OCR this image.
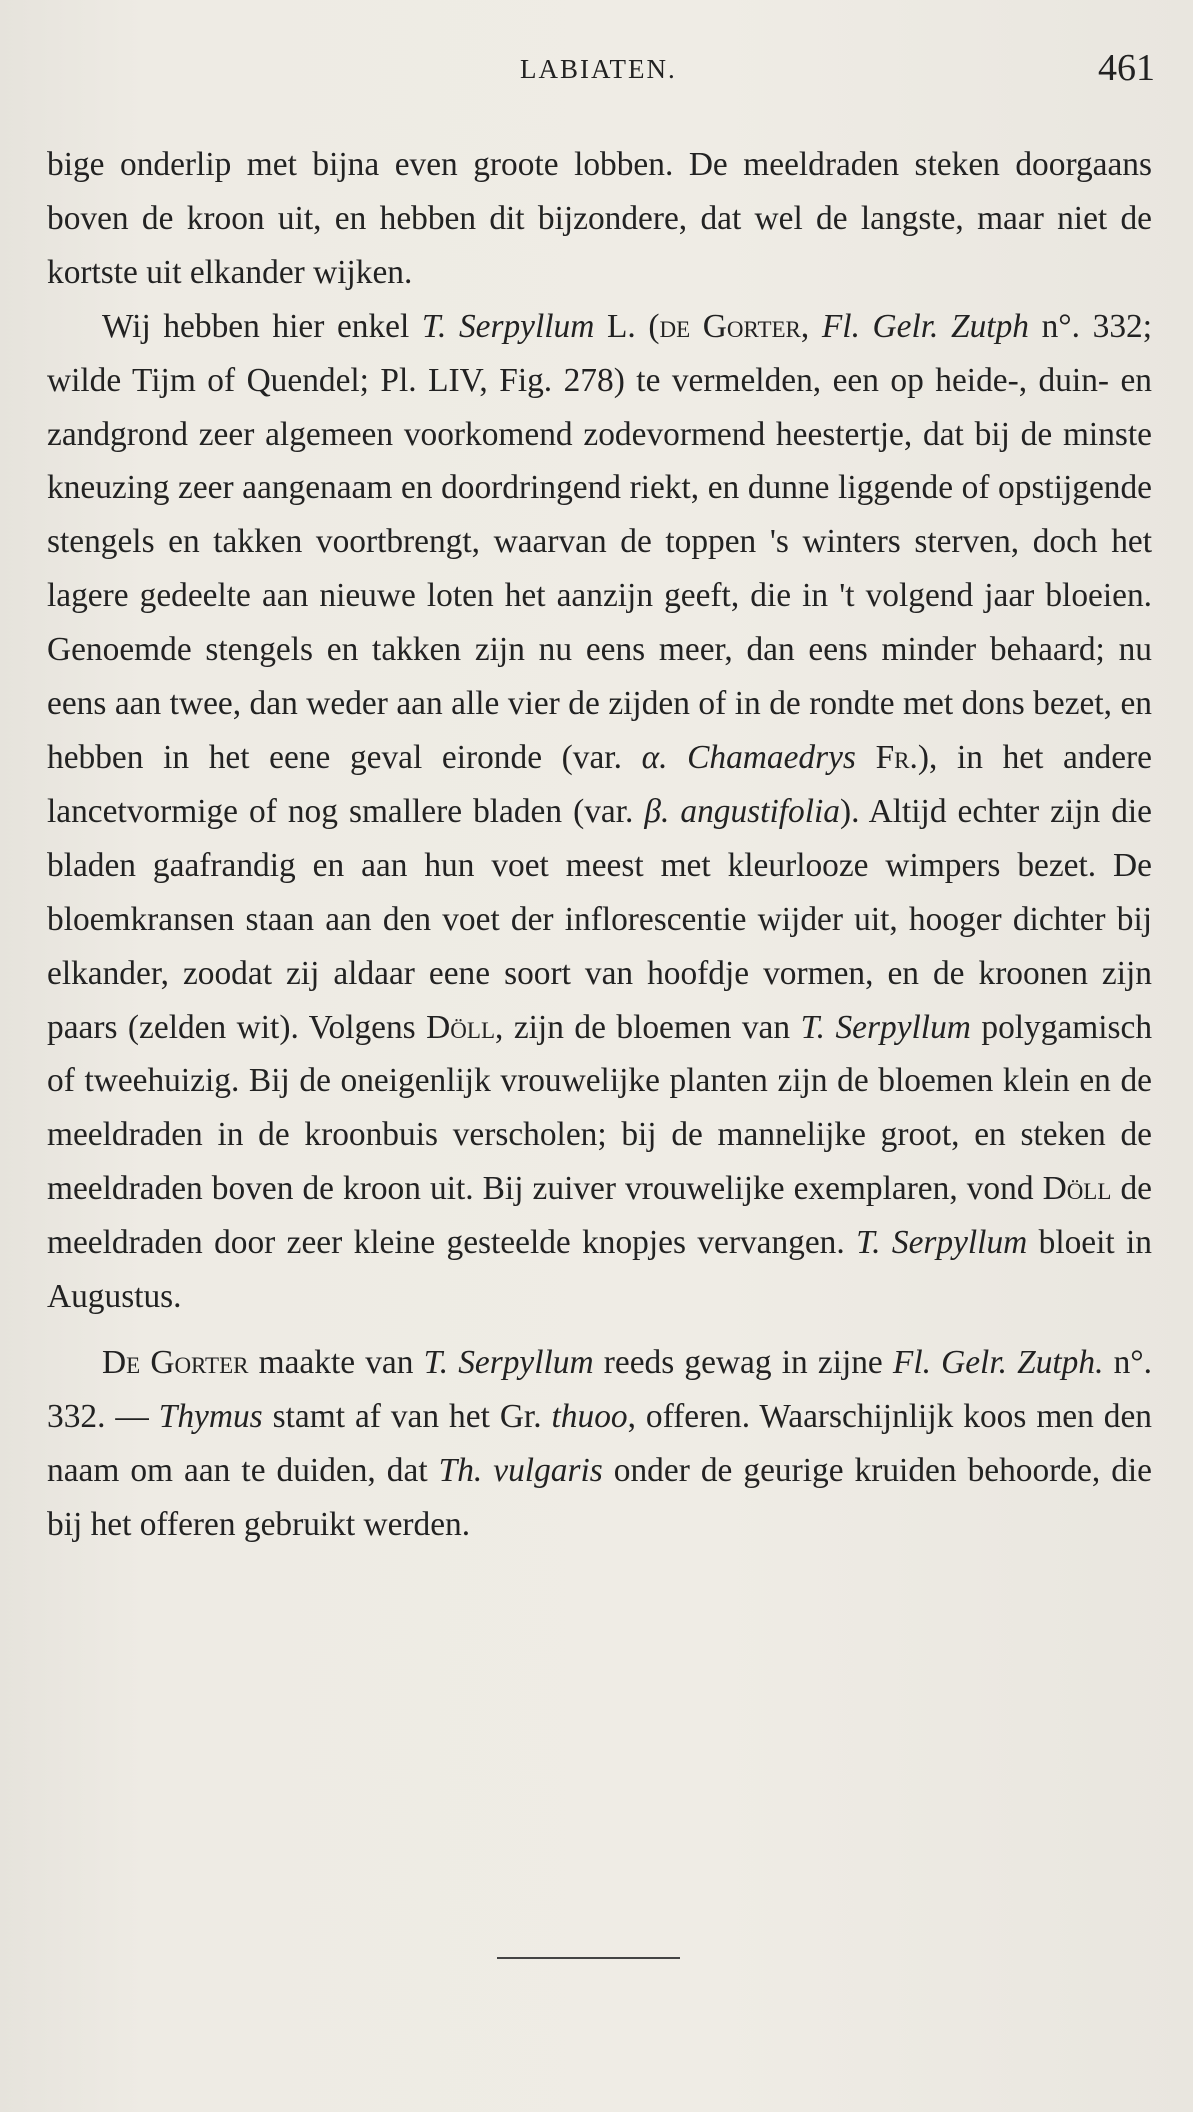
LABIATEN.	461

bige onderlip met bijna even groote lobben. De meeldraden steken doorgaans boven de kroon uit, en hebben dit bijzondere, dat wel de langste, maar niet de kortste uit elkander wijken.

Wij hebben hier enkel T. Serpyllum L. (de Gorter, Fl. Gelr. Zutph n°. 332; wilde Tijm of Quendel; Pl. LIV, Fig. 278) te vermelden, een op heide-, duin- en zandgrond zeer algemeen voorkomend zodevormend heestertje, dat bij de minste kneuzing zeer aangenaam en doordringend riekt, en dunne liggende of opstijgende stengels en takken voortbrengt, waarvan de toppen 's winters sterven, doch het lagere gedeelte aan nieuwe loten het aanzijn geeft, die in 't volgend jaar bloeien. Genoemde stengels en takken zijn nu eens meer, dan eens minder behaard; nu eens aan twee, dan weder aan alle vier de zijden of in de rondte met dons bezet, en hebben in het eene geval eironde (var. α. Chamaedrys Fr.), in het andere lancetvormige of nog smallere bladen (var. β. angustifolia). Altijd echter zijn die bladen gaafrandig en aan hun voet meest met kleurlooze wimpers bezet. De bloemkransen staan aan den voet der inflorescentie wijder uit, hooger dichter bij elkander, zoodat zij aldaar eene soort van hoofdje vormen, en de kroonen zijn paars (zelden wit). Volgens Döll, zijn de bloemen van T. Serpyllum polygamisch of tweehuizig. Bij de oneigenlijk vrouwelijke planten zijn de bloemen klein en de meeldraden in de kroonbuis verscholen; bij de mannelijke groot, en steken de meeldraden boven de kroon uit. Bij zuiver vrouwelijke exemplaren, vond Döll de meeldraden door zeer kleine gesteelde knopjes vervangen. T. Serpyllum bloeit in Augustus.

De Gorter maakte van T. Serpyllum reeds gewag in zijne Fl. Gelr. Zutph. n°. 332. — Thymus stamt af van het Gr. thuoo, offeren. Waarschijnlijk koos men den naam om aan te duiden, dat Th. vulgaris onder de geurige kruiden behoorde, die bij het offeren gebruikt werden.
